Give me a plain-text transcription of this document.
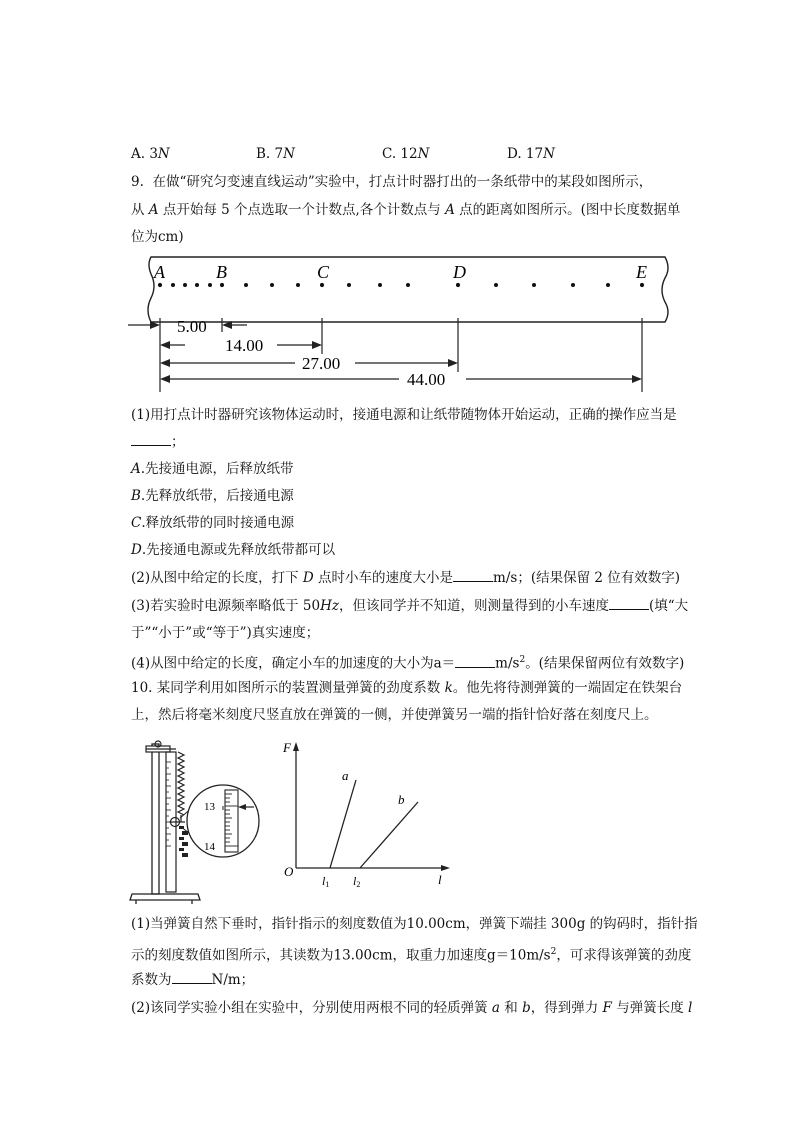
A. 3N	B. 7N	C. 12N	D. 17N
9. 在做“研究匀变速直线运动”实验中，打点计时器打出的一条纸带中的某段如图所示，
从 A 点开始每 5 个点选取一个计数点,各个计数点与 A 点的距离如图所示。(图中长度数据单
位为cm)
A	B	C	D	E
5.00
14.00
27.00
44.00
(1)用打点计时器研究该物体运动时，接通电源和让纸带随物体开始运动，正确的操作应当是
；
A.先接通电源，后释放纸带
B.先释放纸带，后接通电源
C.释放纸带的同时接通电源
D.先接通电源或先释放纸带都可以
(2)从图中给定的长度，打下 D 点时小车的速度大小是	m/s；(结果保留 2 位有效数字)
(3)若实验时电源频率略低于 50Hz，但该同学并不知道，则测量得到的小车速度	(填“大
于”“小于”或“等于”)真实速度；
(4)从图中给定的长度，确定小车的加速度的大小为a＝	$m/s^2$。(结果保留两位有效数字)
10. 某同学利用如图所示的装置测量弹簧的劲度系数 k。他先将待测弹簧的一端固定在铁架台
上，然后将毫米刻度尺竖直放在弹簧的一侧，并使弹簧另一端的指针恰好落在刻度尺上。
13
14
F
O
l
a
b
l1 l2
(1)当弹簧自然下垂时，指针指示的刻度数值为10.00cm，弹簧下端挂 300g 的钩码时，指针指
示的刻度数值如图所示，其读数为13.00cm，取重力加速度$g=10m/s^2$，可求得该弹簧的劲度
系数为	N/m；
(2)该同学实验小组在实验中，分别使用两根不同的轻质弹簧 a 和 b，得到弹力 F 与弹簧长度 l
